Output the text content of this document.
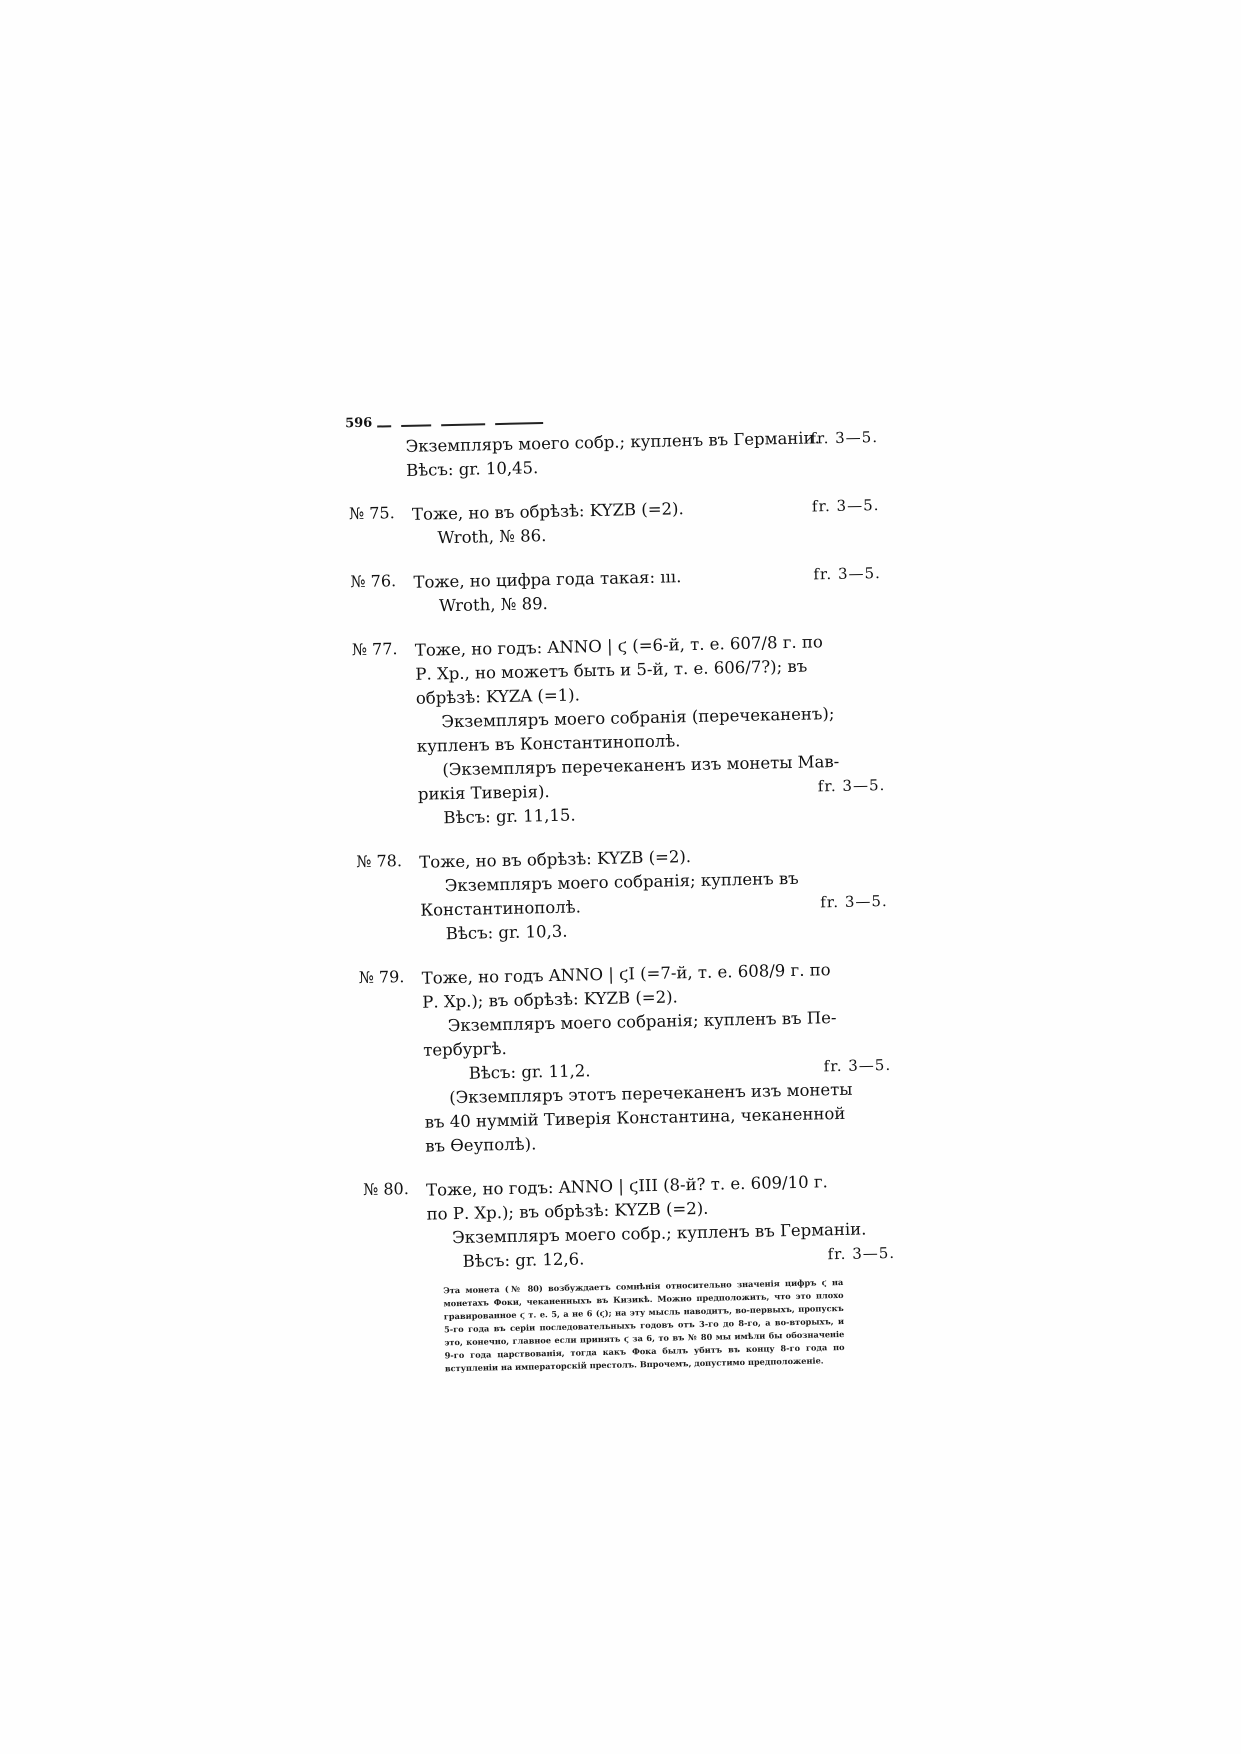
596
Экземпляръ моего собр.; купленъ въ Германіи.
fr. 3—5.
Вѣсъ: gr. 10,45.
№ 75.	Тоже, но въ обрѣзѣ: KYZB (=2).	fr. 3—5.
Wroth, № 86.
№ 76.	Тоже, но цифра года такая: ııı.	fr. 3—5.
Wroth, № 89.
№ 77.	Тоже, но годъ: ANNO | ϛ (=6-й, т. е. 607/8 г. по
Р. Хр., но можетъ быть и 5-й, т. е. 606/7?); въ
обрѣзѣ: KYZA (=1).
Экземпляръ моего собранія (перечеканенъ);
купленъ въ Константинополѣ.
(Экземпляръ перечеканенъ изъ монеты Мав-
рикія Тиверія).	fr. 3—5.
Вѣсъ: gr. 11,15.
№ 78.	Тоже, но въ обрѣзѣ: KYZB (=2).
Экземпляръ моего собранія; купленъ въ
Константинополѣ.	fr. 3—5.
Вѣсъ: gr. 10,3.
№ 79.	Тоже, но годъ ANNO | ϛI (=7-й, т. е. 608/9 г. по
Р. Хр.); въ обрѣзѣ: KYZB (=2).
Экземпляръ моего собранія; купленъ въ Пе-
тербургѣ.
Вѣсъ: gr. 11,2.	fr. 3—5.
(Экземпляръ этотъ перечеканенъ изъ монеты
въ 40 нуммій Тиверія Константина, чеканенной
въ Ѳеуполѣ).
№ 80.	Тоже, но годъ: ANNO | ϛIII (8-й? т. е. 609/10 г.
по Р. Хр.); въ обрѣзѣ: KYZB (=2).
Экземпляръ моего собр.; купленъ въ Германіи.
Вѣсъ: gr. 12,6.	fr. 3—5.
Эта монета (№ 80) возбуждаетъ сомнѣнія относительно значенія цифръ ϛ на монетахъ Фоки, чеканенныхъ въ Кизикѣ. Можно предположить, что это плохо гравированное ϛ т. е. 5, а не 6 (ϛ); на эту мысль наводитъ, во-первыхъ, пропускъ 5-го года въ серіи последовательныхъ годовъ отъ 3-го до 8-го, а во-вторыхъ, и это, конечно, главное если принять ϛ за 6, то въ № 80 мы имѣли бы обозначеніе 9-го года царствованія, тогда какъ Фока былъ убитъ въ концу 8-го года по вступленіи на императорскій престолъ. Впрочемъ, допустимо предположеніе.
